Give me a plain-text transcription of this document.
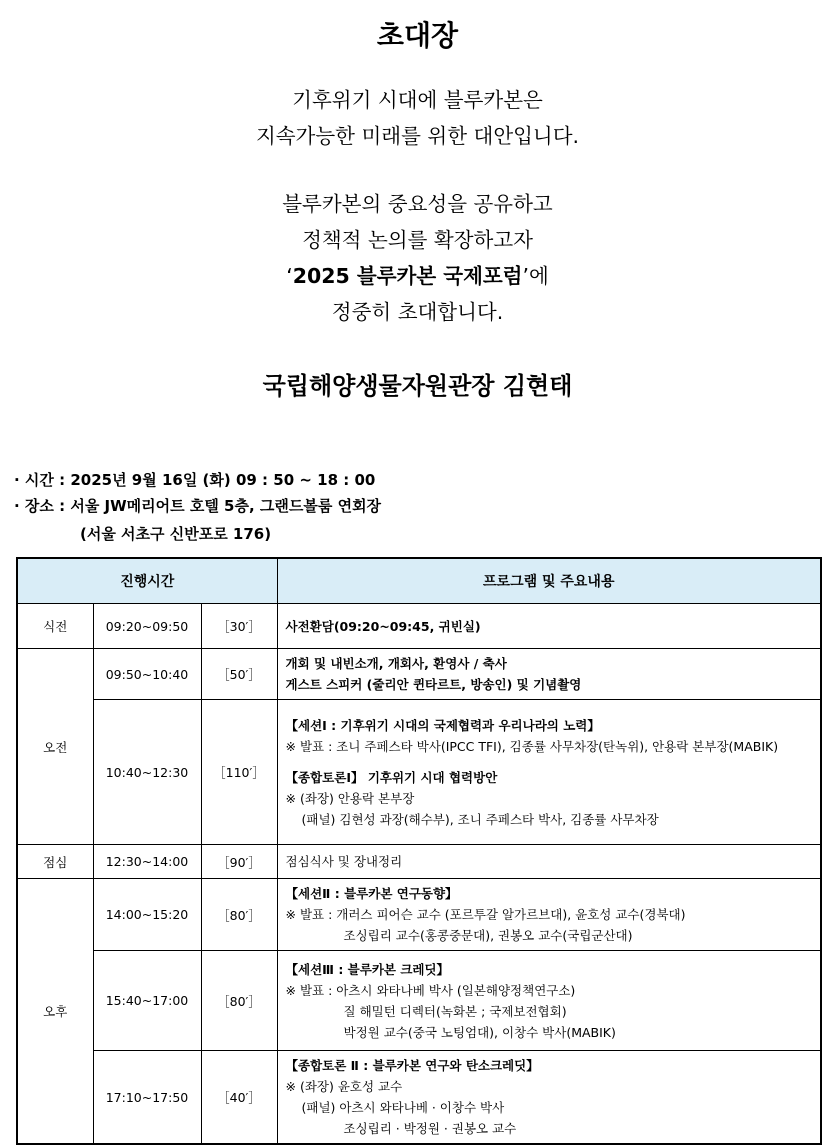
초대장
기후위기 시대에 블루카본은
지속가능한 미래를 위한 대안입니다.
블루카본의 중요성을 공유하고
정책적 논의를 확장하고자
‘2025 블루카본 국제포럼’에
정중히 초대합니다.
국립해양생물자원관장 김현태
· 시간 : 2025년 9월 16일 (화) 09 : 50 ~ 18 : 00
· 장소 : 서울 JW메리어트 호텔 5층, 그랜드볼룸 연회장
(서울 서초구 신반포로 176)
진행시간			프로그램 및 주요내용
식전	09:20~09:50	［30′］	사전환담(09:20~09:45, 귀빈실)

오전	09:50~10:40	［50′］	개회 및 내빈소개, 개회사, 환영사 / 축사
게스트 스피커 (줄리안 퀸타르트, 방송인) 및 기념촬영

	10:40~12:30	［110′］	【세션Ⅰ : 기후위기 시대의 국제협력과 우리나라의 노력】
※ 발표 : 조니 주페스타 박사(IPCC TFI), 김종률 사무차장(탄녹위), 안용락 본부장(MABIK)
【종합토론Ⅰ】 기후위기 시대 협력방안
※ (좌장) 안용락 본부장
(패널) 김현성 과장(해수부), 조니 주페스타 박사, 김종률 사무차장

점심	12:30~14:00	［90′］	점심식사 및 장내정리

오후	14:00~15:20	［80′］	【세션Ⅱ : 블루카본 연구동향】
※ 발표 : 개러스 피어슨 교수 (포르투갈 알가르브대), 윤호성 교수(경북대)
조싱립리 교수(홍콩중문대), 권봉오 교수(국립군산대)

	15:40~17:00	［80′］	【세션Ⅲ : 블루카본 크레딧】
※ 발표 : 아츠시 와타나베 박사 (일본해양정책연구소)
질 해밀턴 디렉터(녹화본 ; 국제보전협회)
박정원 교수(중국 노팅엄대), 이창수 박사(MABIK)

	17:10~17:50	［40′］	【종합토론 Ⅱ : 블루카본 연구와 탄소크레딧】
※ (좌장) 윤호성 교수
(패널) 아츠시 와타나베 · 이창수 박사
조싱립리 · 박정원 · 권봉오 교수
